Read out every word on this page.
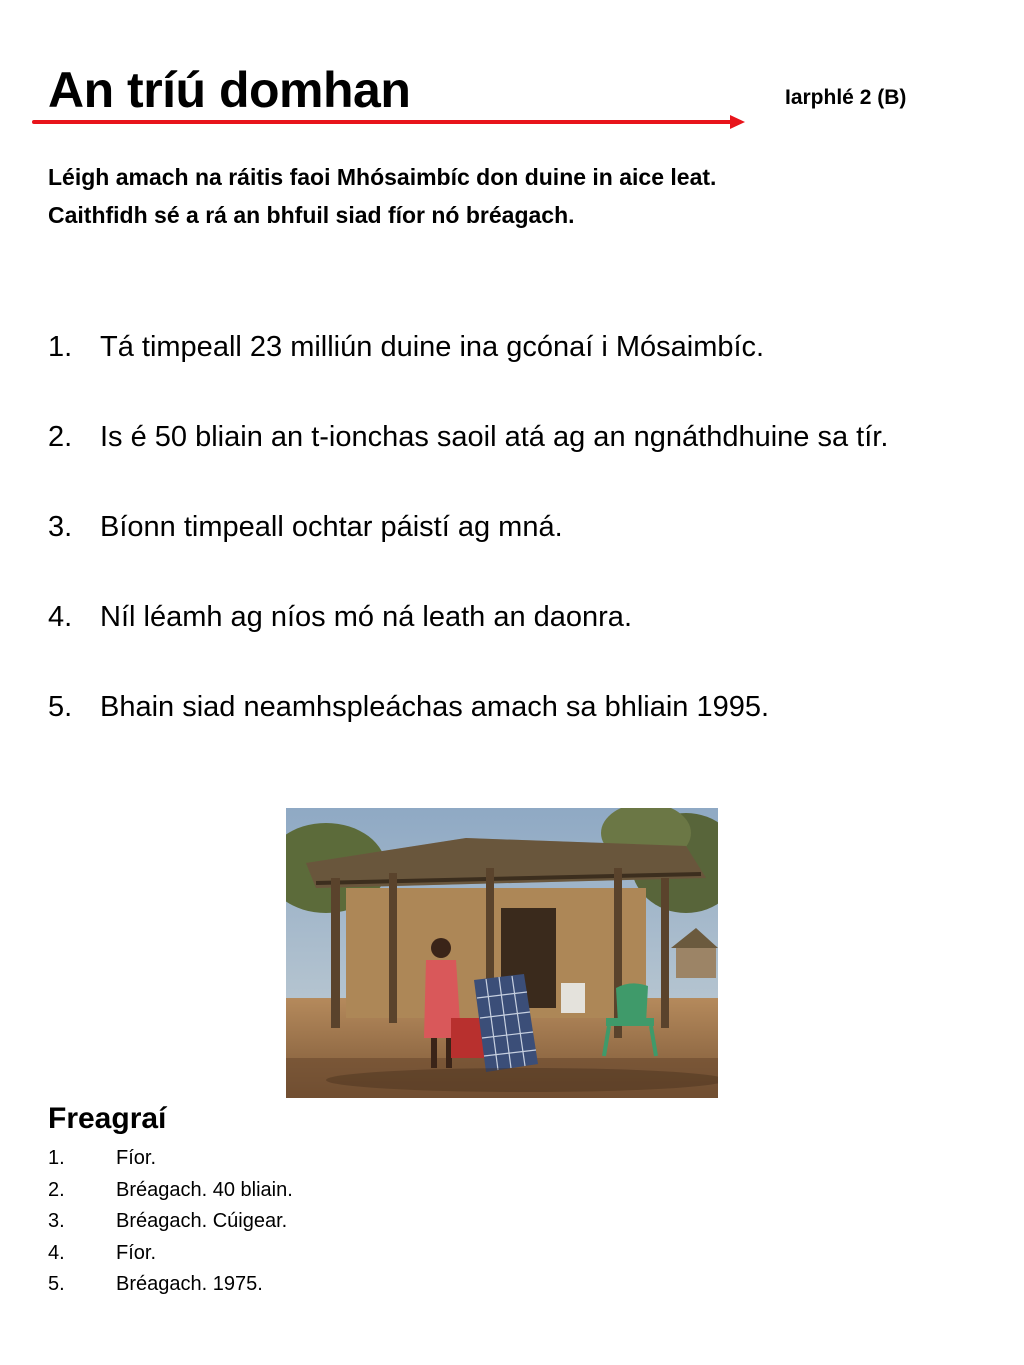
An tríú domhan	Iarphlé 2 (B)

Léigh amach na ráitis faoi Mhósaimbíc don duine in aice leat.
Caithfidh sé a rá an bhfuil siad fíor nó bréagach.

1. Tá timpeall 23 milliún duine ina gcónaí i Mósaimbíc.
2. Is é 50 bliain an t-ionchas saoil atá ag an ngnáthdhuine sa tír.
3. Bíonn timpeall ochtar páistí ag mná.
4. Níl léamh ag níos mó ná leath an daonra.
5. Bhain siad neamhspleáchas amach sa bhliain 1995.
Freagraí
1.	Fíor.
2.	Bréagach. 40 bliain.
3.	Bréagach. Cúigear.
4.	Fíor.
5.	Bréagach. 1975.
